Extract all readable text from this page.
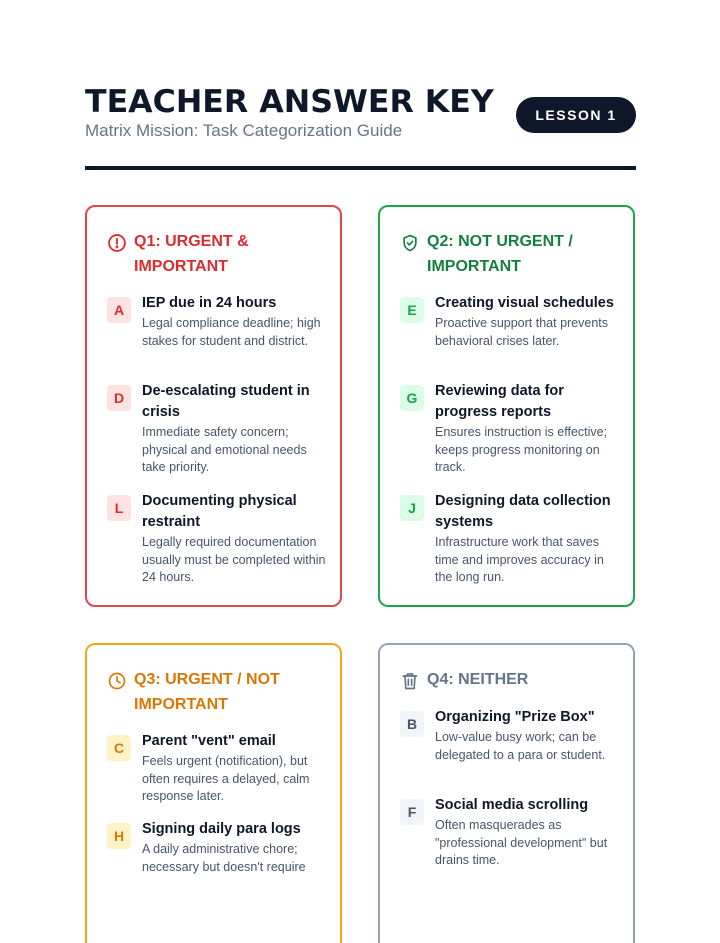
TEACHER ANSWER KEY
Matrix Mission: Task Categorization Guide
LESSON 1
Q1: URGENT & IMPORTANT
A	IEP due in 24 hours
Legal compliance deadline; high stakes for student and district.
D	De-escalating student in crisis
Immediate safety concern; physical and emotional needs take priority.
L	Documenting physical restraint
Legally required documentation usually must be completed within 24 hours.
Q2: NOT URGENT / IMPORTANT
E	Creating visual schedules
Proactive support that prevents behavioral crises later.
G	Reviewing data for progress reports
Ensures instruction is effective; keeps progress monitoring on track.
J	Designing data collection systems
Infrastructure work that saves time and improves accuracy in the long run.
Q3: URGENT / NOT IMPORTANT
C	Parent "vent" email
Feels urgent (notification), but often requires a delayed, calm response later.
H	Signing daily para logs
A daily administrative chore; necessary but doesn't require
Q4: NEITHER
B	Organizing "Prize Box"
Low-value busy work; can be delegated to a para or student.
F	Social media scrolling
Often masquerades as "professional development" but drains time.
